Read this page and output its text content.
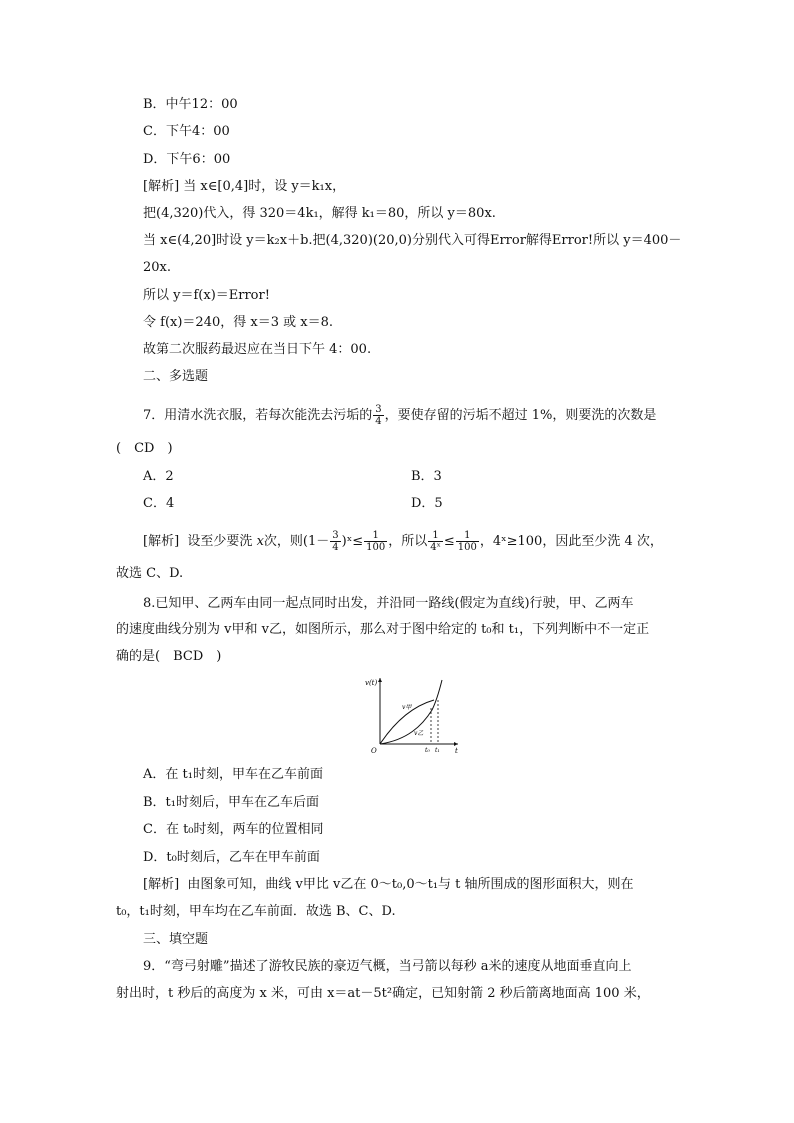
B．中午12：00
C．下午4：00
D．下午6：00
[解析] 当 x∈[0,4]时，设 y＝k₁x，
把(4,320)代入，得 320＝4k₁，解得 k₁＝80，所以 y＝80x.
当 x∈(4,20]时设 y＝k₂x＋b.把(4,320)(20,0)分别代入可得Error解得Error!所以 y＝400－
20x.
所以 y＝f(x)＝Error!
令 f(x)＝240，得 x＝3 或 x＝8.
故第二次服药最迟应在当日下午 4：00.
二、多选题
7．用清水洗衣服，若每次能洗去污垢的 $\frac{3}{4}$ ，要使存留的污垢不超过 1%，则要洗的次数是
(　CD　)
A．2	B．3
C．4	D．5
[解析] 设至少要洗 x次，则($1- \frac{3}{4}$ )ˣ≤ $\frac{1}{100}$ ，所以 $\frac{1}{\text{4ˣ}} \le \frac{1}{100}$ ，4ˣ≥100，因此至少洗 4 次，
故选 C、D.
8.已知甲、乙两车由同一起点同时出发，并沿同一路线(假定为直线)行驶，甲、乙两车
的速度曲线分别为 v甲和 v乙，如图所示，那么对于图中给定的 t₀和 t₁，下列判断中不一定正
确的是(　BCD　)
v(t)
t
O
v甲
v乙
t₀ t₁
A．在 t₁时刻，甲车在乙车前面
B．t₁时刻后，甲车在乙车后面
C．在 t₀时刻，两车的位置相同
D．t₀时刻后，乙车在甲车前面
[解析] 由图象可知，曲线 v甲比 v乙在 0～t₀,0～t₁与 t 轴所围成的图形面积大，则在
t₀，t₁时刻，甲车均在乙车前面．故选 B、C、D.
三、填空题
9．“弯弓射雕”描述了游牧民族的豪迈气概，当弓箭以每秒 a米的速度从地面垂直向上
射出时，t 秒后的高度为 x 米，可由 x＝at－5t²确定，已知射箭 2 秒后箭离地面高 100 米，
